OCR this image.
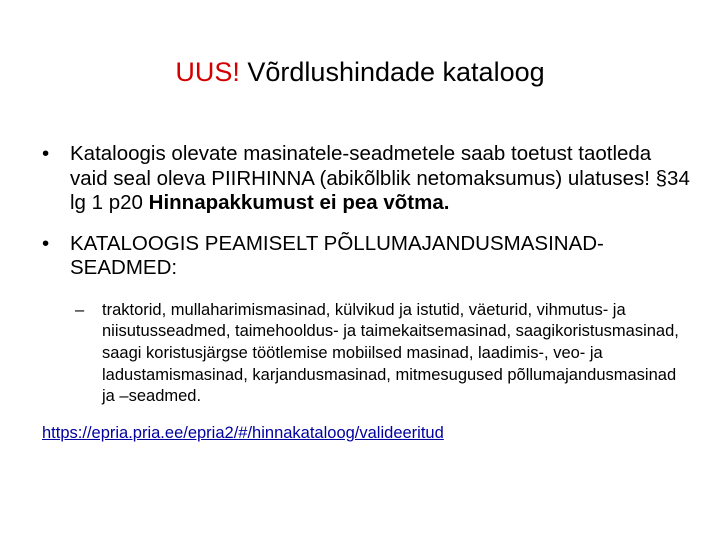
UUS! Võrdlushindade kataloog
• Kataloogis olevate masinatele-seadmetele saab toetust taotleda vaid seal oleva PIIRHINNA (abikõlblik netomaksumus) ulatuses! §34 lg 1 p20 Hinnapakkumust ei pea võtma.
• KATALOOGIS PEAMISELT PÕLLUMAJANDUSMASINAD-SEADMED:
– traktorid, mullaharimismasinad, külvikud ja istutid, väeturid, vihmutus- ja niisutusseadmed, taimehooldus- ja taimekaitsemasinad, saagikoristusmasinad, saagi koristusjärgse töötlemise mobiilsed masinad, laadimis-, veo- ja ladustamismasinad, karjandusmasinad, mitmesugused põllumajandusmasinad ja –seadmed.
https://epria.pria.ee/epria2/#/hinnakataloog/valideeritud
